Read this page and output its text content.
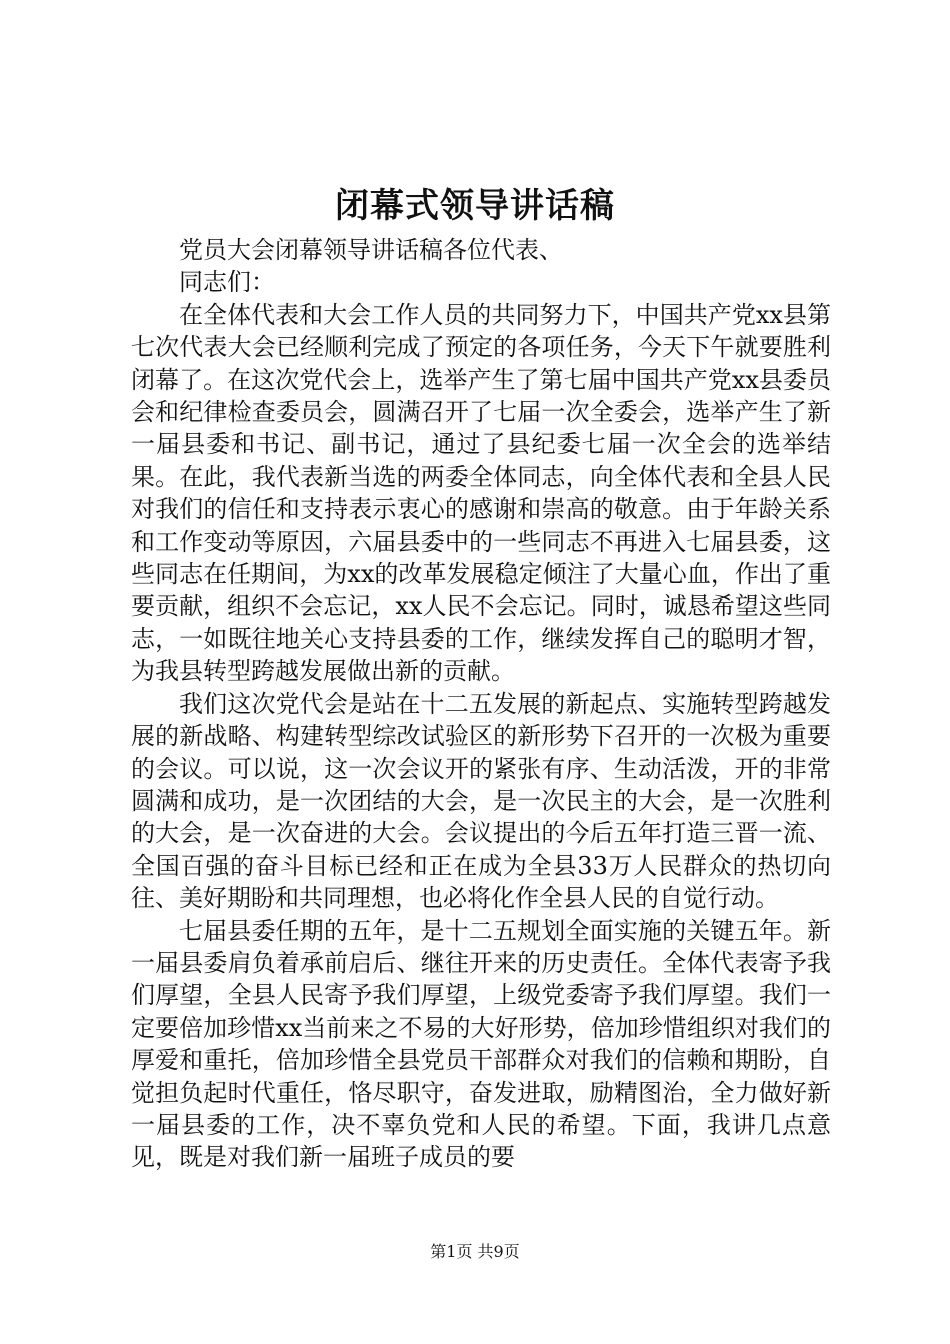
闭幕式领导讲话稿

党员大会闭幕领导讲话稿各位代表、

同志们：

在全体代表和大会工作人员的共同努力下，中国共产党xx县第七次代表大会已经顺利完成了预定的各项任务，今天下午就要胜利闭幕了。在这次党代会上，选举产生了第七届中国共产党xx县委员会和纪律检查委员会，圆满召开了七届一次全委会，选举产生了新一届县委和书记、副书记，通过了县纪委七届一次全会的选举结果。在此，我代表新当选的两委全体同志，向全体代表和全县人民对我们的信任和支持表示衷心的感谢和崇高的敬意。由于年龄关系和工作变动等原因，六届县委中的一些同志不再进入七届县委，这些同志在任期间，为xx的改革发展稳定倾注了大量心血，作出了重要贡献，组织不会忘记，xx人民不会忘记。同时，诚恳希望这些同志，一如既往地关心支持县委的工作，继续发挥自己的聪明才智，为我县转型跨越发展做出新的贡献。

我们这次党代会是站在十二五发展的新起点、实施转型跨越发展的新战略、构建转型综改试验区的新形势下召开的一次极为重要的会议。可以说，这一次会议开的紧张有序、生动活泼，开的非常圆满和成功，是一次团结的大会，是一次民主的大会，是一次胜利的大会，是一次奋进的大会。会议提出的今后五年打造三晋一流、全国百强的奋斗目标已经和正在成为全县33万人民群众的热切向往、美好期盼和共同理想，也必将化作全县人民的自觉行动。

七届县委任期的五年，是十二五规划全面实施的关键五年。新一届县委肩负着承前启后、继往开来的历史责任。全体代表寄予我们厚望，全县人民寄予我们厚望，上级党委寄予我们厚望。我们一定要倍加珍惜xx当前来之不易的大好形势，倍加珍惜组织对我们的厚爱和重托，倍加珍惜全县党员干部群众对我们的信赖和期盼，自觉担负起时代重任，恪尽职守，奋发进取，励精图治，全力做好新一届县委的工作，决不辜负党和人民的希望。下面，我讲几点意见，既是对我们新一届班子成员的要

第1页 共9页
